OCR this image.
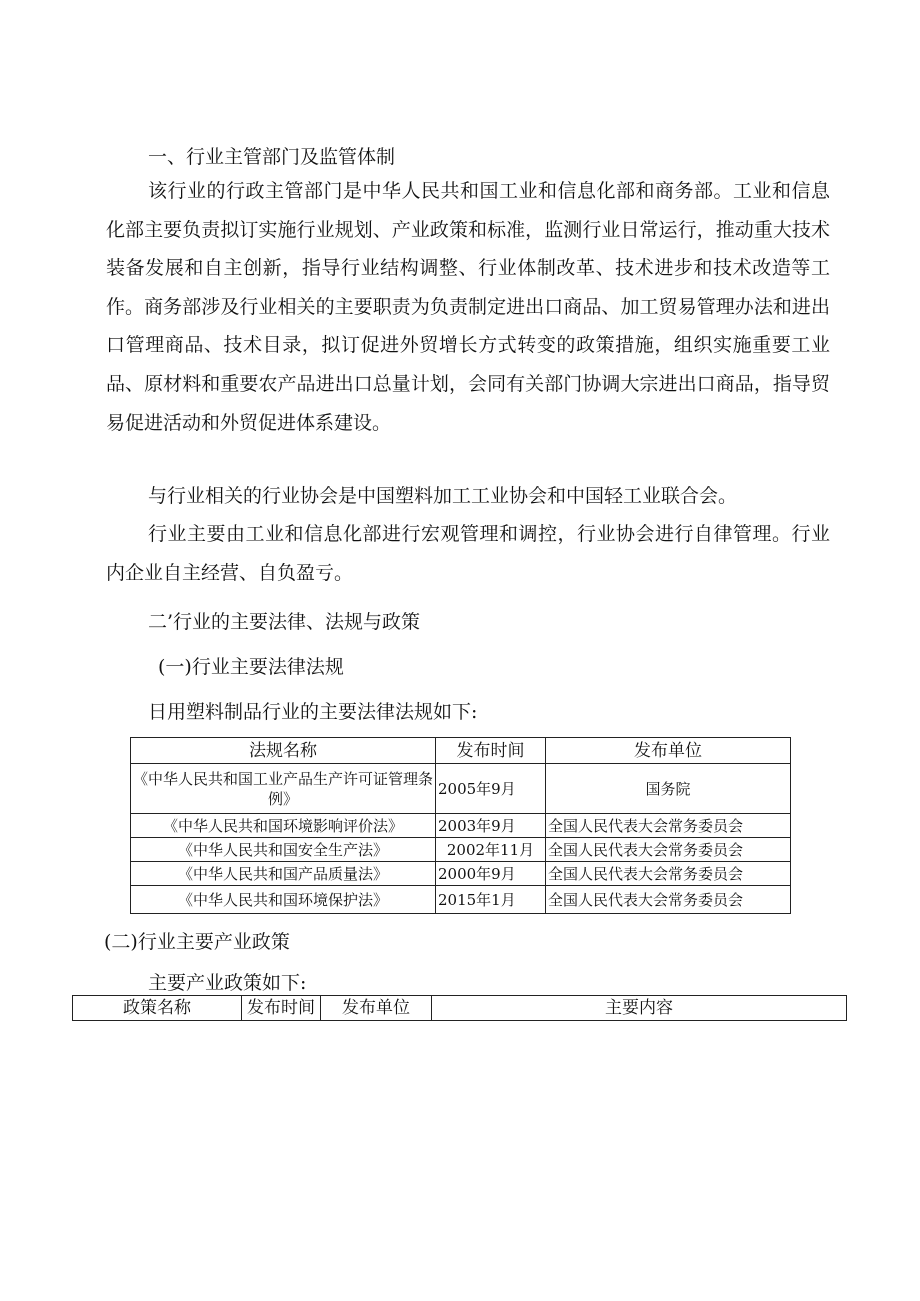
一、行业主管部门及监管体制

该行业的行政主管部门是中华人民共和国工业和信息化部和商务部。工业和信息化部主要负责拟订实施行业规划、产业政策和标准，监测行业日常运行，推动重大技术装备发展和自主创新，指导行业结构调整、行业体制改革、技术进步和技术改造等工作。商务部涉及行业相关的主要职责为负责制定进出口商品、加工贸易管理办法和进出口管理商品、技术目录，拟订促进外贸增长方式转变的政策措施，组织实施重要工业品、原材料和重要农产品进出口总量计划，会同有关部门协调大宗进出口商品，指导贸易促进活动和外贸促进体系建设。

与行业相关的行业协会是中国塑料加工工业协会和中国轻工业联合会。

行业主要由工业和信息化部进行宏观管理和调控，行业协会进行自律管理。行业内企业自主经营、自负盈亏。

二’行业的主要法律、法规与政策
(一)行业主要法律法规
日用塑料制品行业的主要法律法规如下:
法规名称	发布时间	发布单位
《中华人民共和国工业产品生产许可证管理条例》	2005年9月	国务院
《中华人民共和国环境影响评价法》	2003年9月	全国人民代表大会常务委员会
《中华人民共和国安全生产法》	2002年11月	全国人民代表大会常务委员会
《中华人民共和国产品质量法》	2000年9月	全国人民代表大会常务委员会
《中华人民共和国环境保护法》	2015年1月	全国人民代表大会常务委员会
(二)行业主要产业政策
主要产业政策如下:
政策名称	发布时间	发布单位	主要内容
